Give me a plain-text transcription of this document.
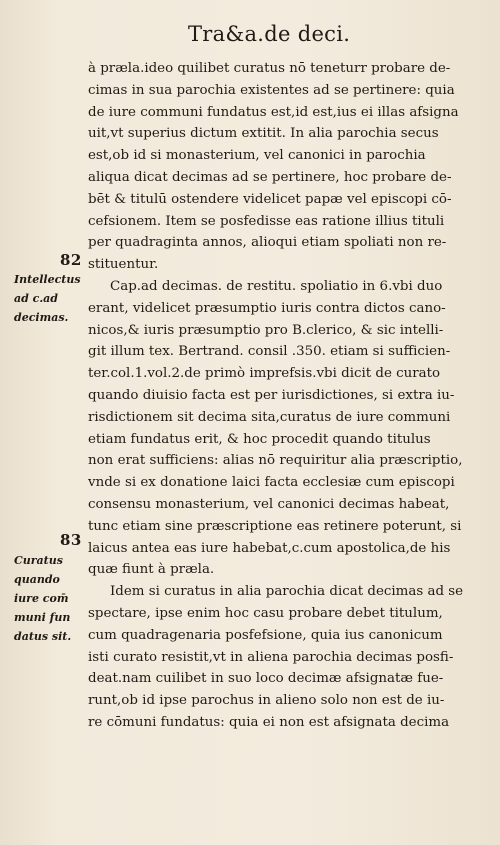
Tra&a.de deci.
82
Intellectus
ad c.ad
decimas.
83
Curatus
quando
iure com̄
muni fun
datus sit.
à præla.ideo quilibet curatus nō teneturr probare de-
cimas in sua parochia existentes ad se pertinere: quia
de iure communi fundatus est,id est,ius ei illas afsigna
uit,vt superius dictum extitit. In alia parochia secus
est,ob id si monasterium, vel canonici in parochia
aliqua dicat decimas ad se pertinere, hoc probare de-
bēt & titulū ostendere videlicet papæ vel episcopi cō-
cefsionem. Item se posfedisse eas ratione illius tituli
per quadraginta annos, alioqui etiam spoliati non re-
stituentur.
Cap.ad decimas. de restitu. spoliatio in 6.vbi duo
erant, videlicet præsumptio iuris contra dictos cano-
nicos,& iuris præsumptio pro B.clerico, & sic intelli-
git illum tex. Bertrand. consil .350. etiam si sufficien-
ter.col.1.vol.2.de primò imprefsis.vbi dicit de curato
quando diuisio facta est per iurisdictiones, si extra iu-
risdictionem sit decima sita,curatus de iure communi
etiam fundatus erit, & hoc procedit quando titulus
non erat sufficiens: alias nō requiritur alia præscriptio,
vnde si ex donatione laici facta ecclesiæ cum episcopi
consensu monasterium, vel canonici decimas habeat,
tunc etiam sine præscriptione eas retinere poterunt, si
laicus antea eas iure habebat,c.cum apostolica,de his
quæ fiunt à præla.
Idem si curatus in alia parochia dicat decimas ad se
spectare, ipse enim hoc casu probare debet titulum,
cum quadragenaria posfefsione, quia ius canonicum
isti curato resistit,vt in aliena parochia decimas posfi-
deat.nam cuilibet in suo loco decimæ afsignatæ fue-
runt,ob id ipse parochus in alieno solo non est de iu-
re cōmuni fundatus: quia ei non est afsignata decima
